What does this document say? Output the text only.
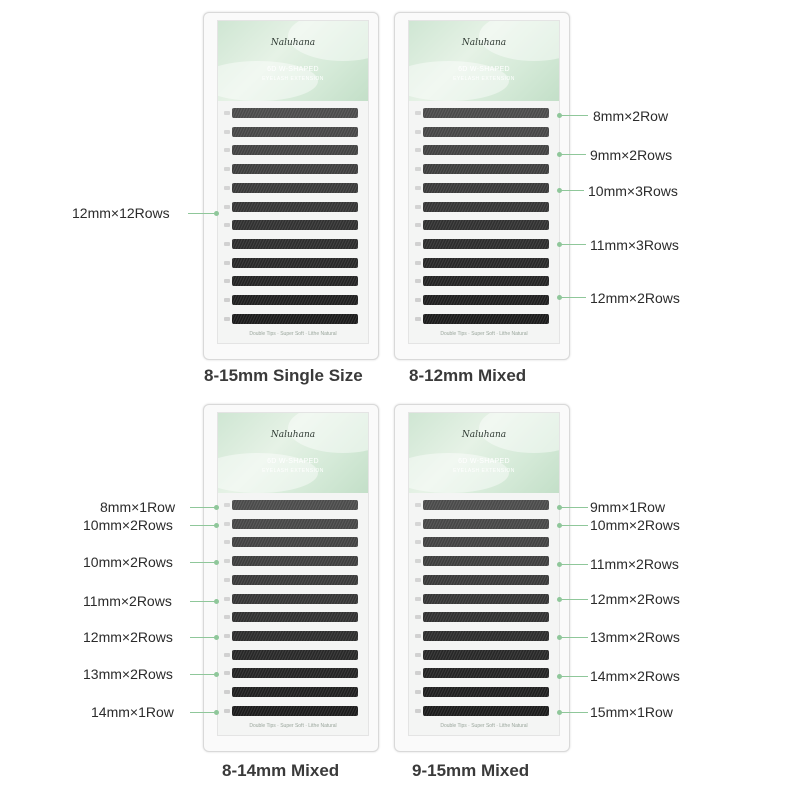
Naluhana
6D W-SHAPED
EYELASH EXTENSION
Double Tips · Super Soft · Lithe Natural
8-15mm Single Size
12mm×12Rows
Naluhana
6D W-SHAPED
EYELASH EXTENSION
Double Tips · Super Soft · Lithe Natural
8-12mm Mixed
8mm×2Row
9mm×2Rows
10mm×3Rows
11mm×3Rows
12mm×2Rows
Naluhana
6D W-SHAPED
EYELASH EXTENSION
Double Tips · Super Soft · Lithe Natural
8-14mm Mixed
8mm×1Row
10mm×2Rows
10mm×2Rows
11mm×2Rows
12mm×2Rows
13mm×2Rows
14mm×1Row
Naluhana
6D W-SHAPED
EYELASH EXTENSION
Double Tips · Super Soft · Lithe Natural
9-15mm Mixed
9mm×1Row
10mm×2Rows
11mm×2Rows
12mm×2Rows
13mm×2Rows
14mm×2Rows
15mm×1Row
